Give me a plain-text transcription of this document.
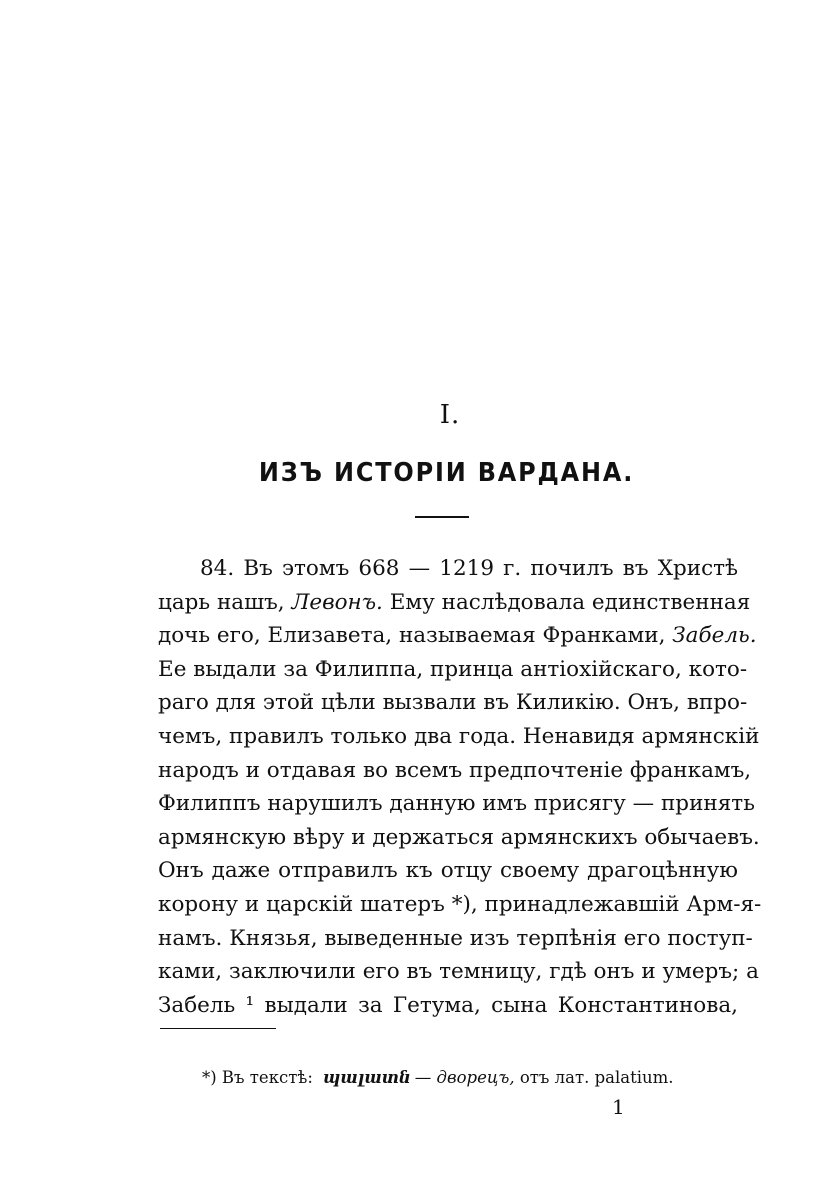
I.
ИЗЪ ИСТОРІИ ВАРДАНА.
84. Въ этомъ 668 — 1219 г. почилъ въ Христѣ
царь нашъ, Левонъ. Ему наслѣдовала единственная
дочь его, Елизавета, называемая Франками, Забель.
Ее выдали за Филиппа, принца антіохійскаго, кото-
раго для этой цѣли вызвали въ Киликію. Онъ, впро-
чемъ, правилъ только два года. Ненавидя армянскій
народъ и отдавая во всемъ предпочтеніе франкамъ,
Филиппъ нарушилъ данную имъ присягу — принять
армянскую вѣру и держаться армянскихъ обычаевъ.
Онъ даже отправилъ къ отцу своему драгоцѣнную
корону и царскій шатеръ *), принадлежавшій Арм-я-
намъ. Князья, выведенные изъ терпѣнія его поступ-
ками, заключили его въ темницу, гдѣ онъ и умеръ; а
Забель ¹ выдали за Гетума, сына Константинова,
*) Въ текстѣ: պալատն — дворецъ, отъ лат. palatium.
1
